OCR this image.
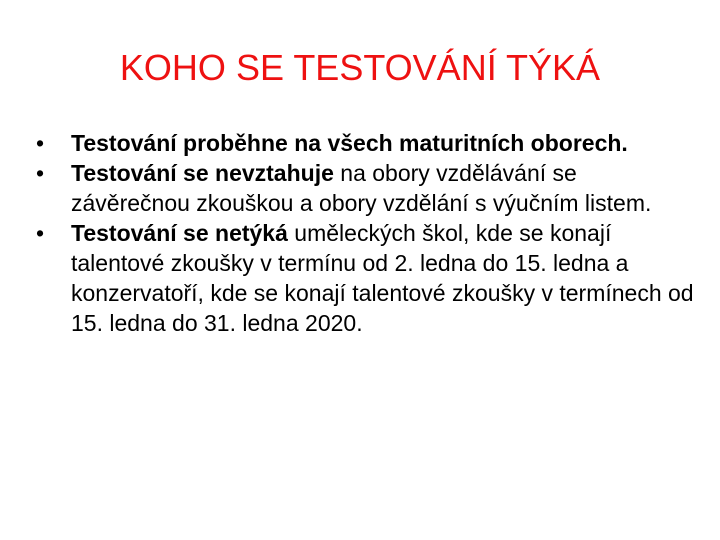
KOHO SE TESTOVÁNÍ TÝKÁ
•	Testování proběhne na všech maturitních oborech.
•	Testování se nevztahuje na obory vzdělávání se závěrečnou zkouškou a obory vzdělání s výučním listem.
•	Testování se netýká uměleckých škol, kde se konají talentové zkoušky v termínu od 2. ledna do 15. ledna a konzervatoří, kde se konají talentové zkoušky v termínech od 15. ledna do 31. ledna 2020.
